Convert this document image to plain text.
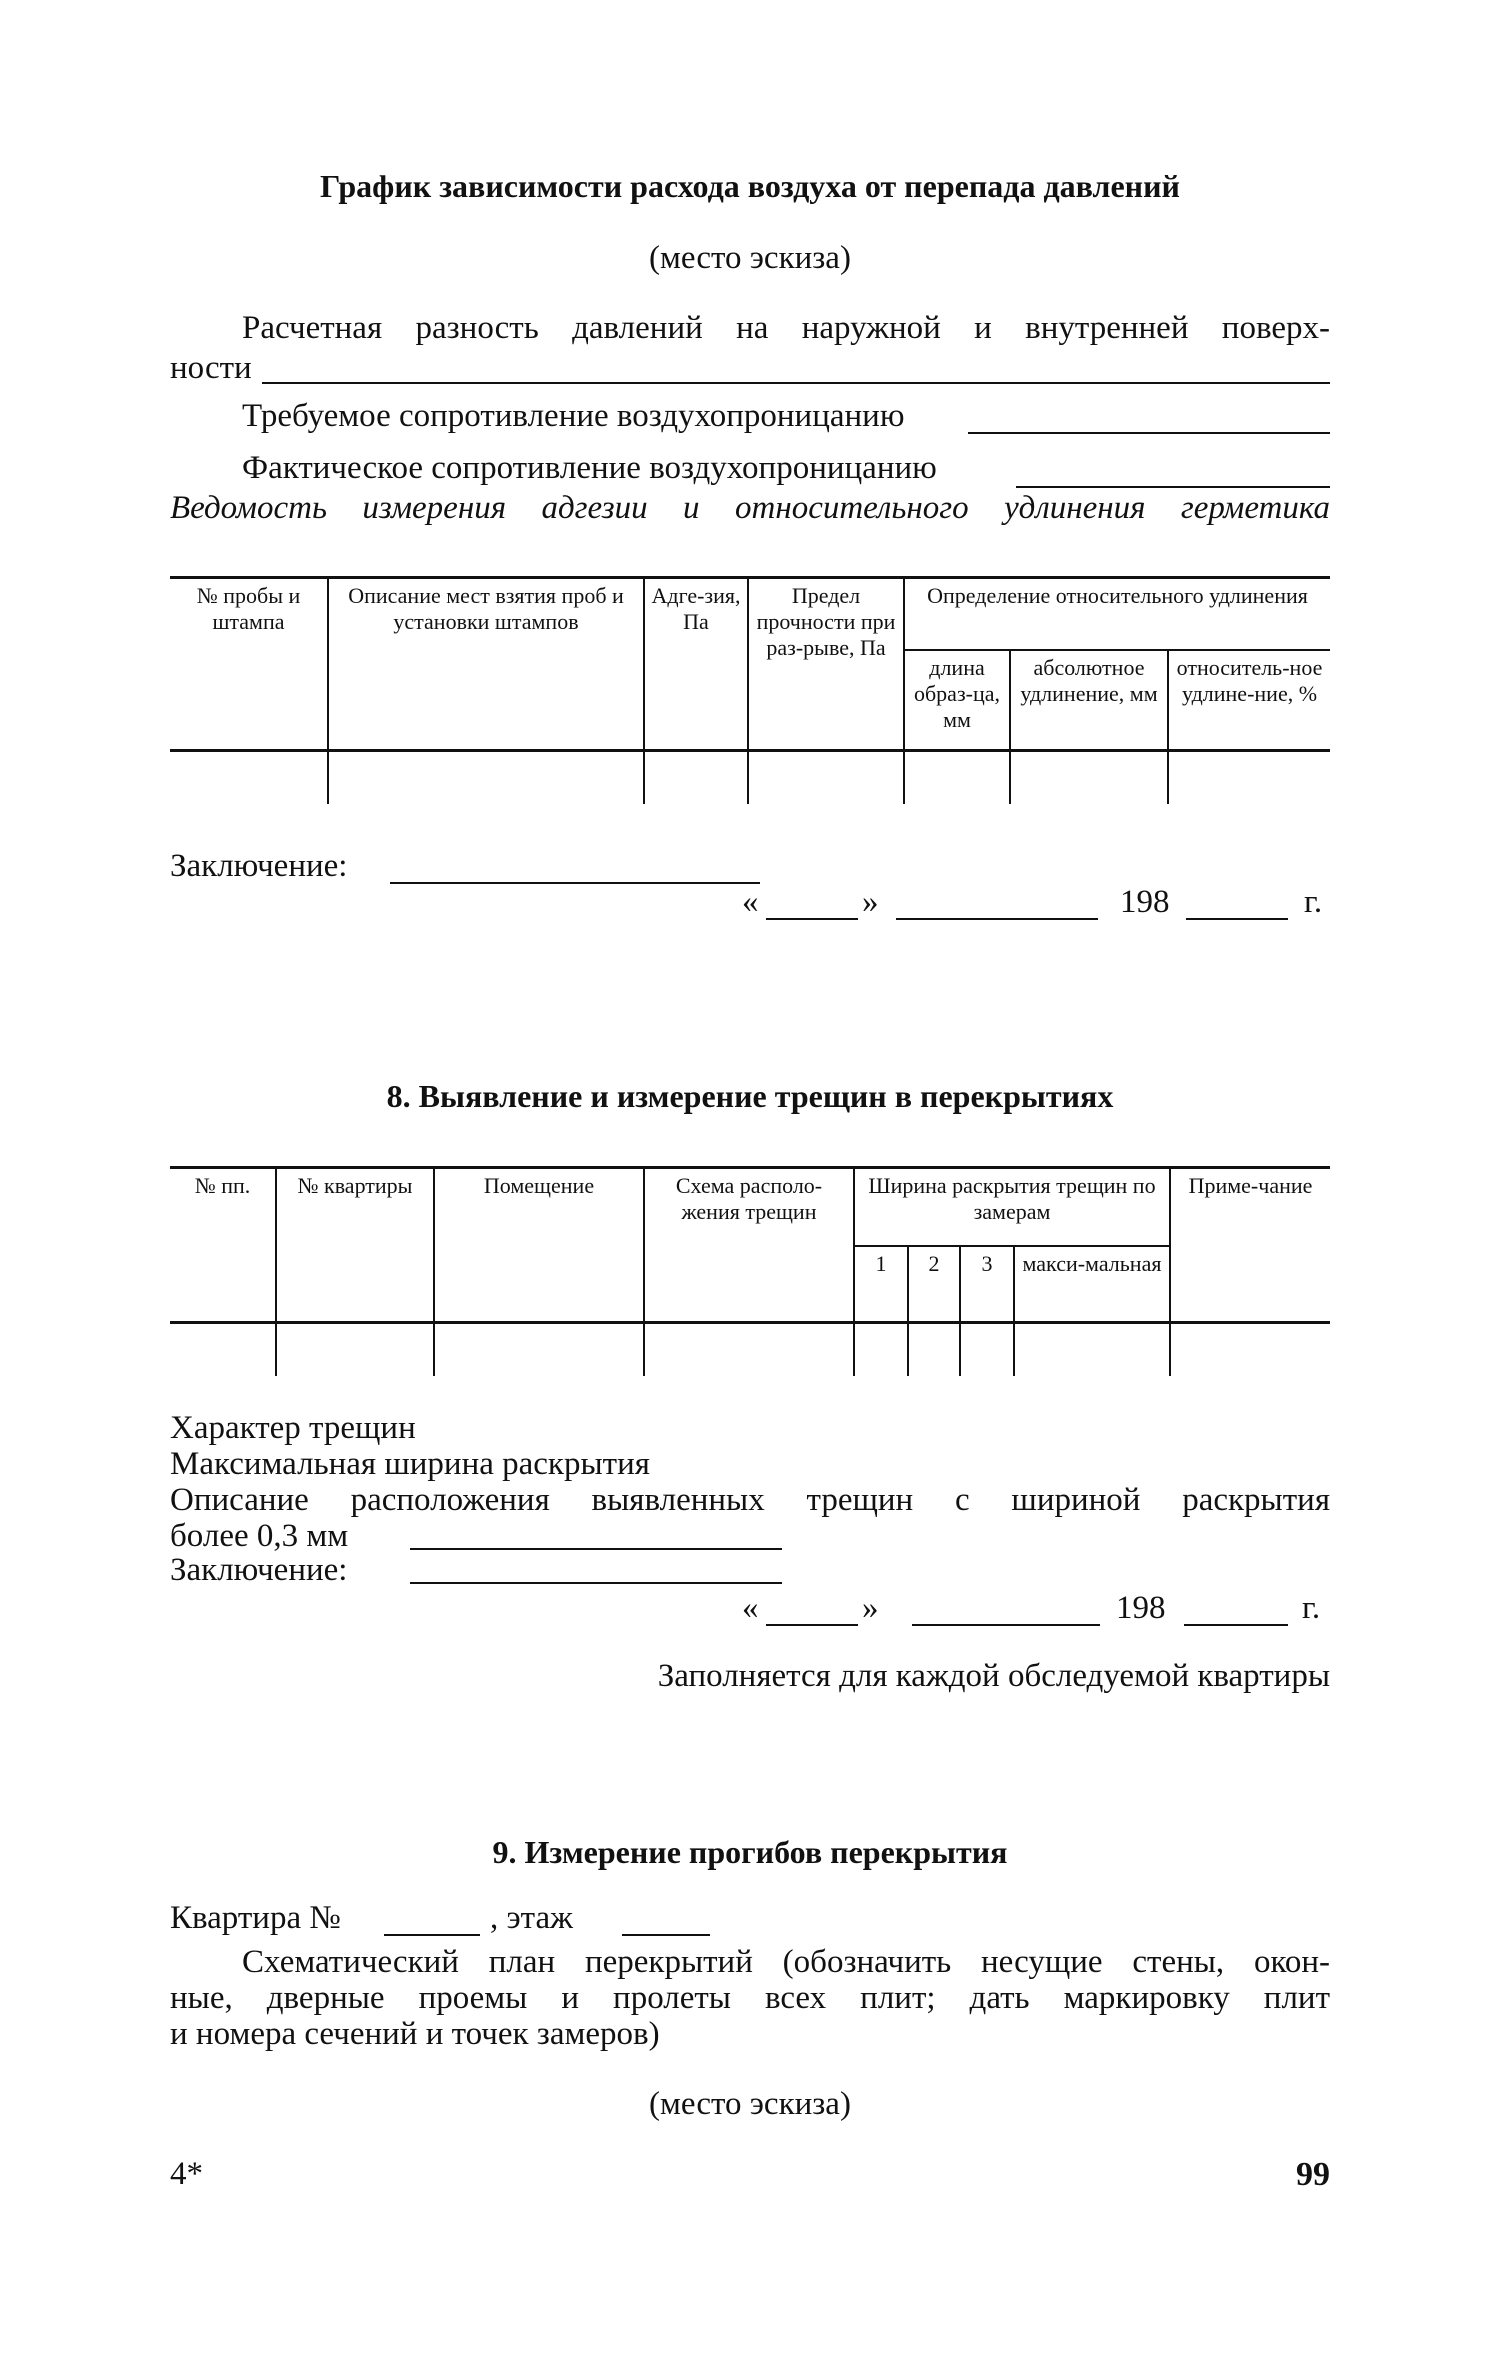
График зависимости расхода воздуха от перепада давлений
(место эскиза)
Расчетная разность давлений на наружной и внутренней поверх-
ности
Требуемое сопротивление воздухопроницанию
Фактическое сопротивление воздухопроницанию
Ведомость измерения адгезии и относительного удлинения герметика
№ пробы и штампа	Описание мест взятия проб и установки штампов	Адге-зия, Па	Предел прочности при раз-рыве, Па	Определение относительного удлинения		
				длина образ-ца, мм	абсолютное удлинение, мм	относитель-ное удлине-ние, %

Заключение:
«	»	198	г.
8. Выявление и измерение трещин в перекрытиях
№ пп.	№ квартиры	Помещение	Схема располо-жения трещин	Ширина раскрытия трещин по замерам				Приме-чание
				1	2	3	макси-мальная	

Характер трещин
Максимальная ширина раскрытия
Описание расположения выявленных трещин с шириной раскрытия
более 0,3 мм
Заключение:
«	»	198	г.
Заполняется для каждой обследуемой квартиры
9. Измерение прогибов перекрытия
Квартира №	, этаж
Схематический план перекрытий (обозначить несущие стены, окон-
ные, дверные проемы и пролеты всех плит; дать маркировку плит
и номера сечений и точек замеров)
(место эскиза)
4*	99
